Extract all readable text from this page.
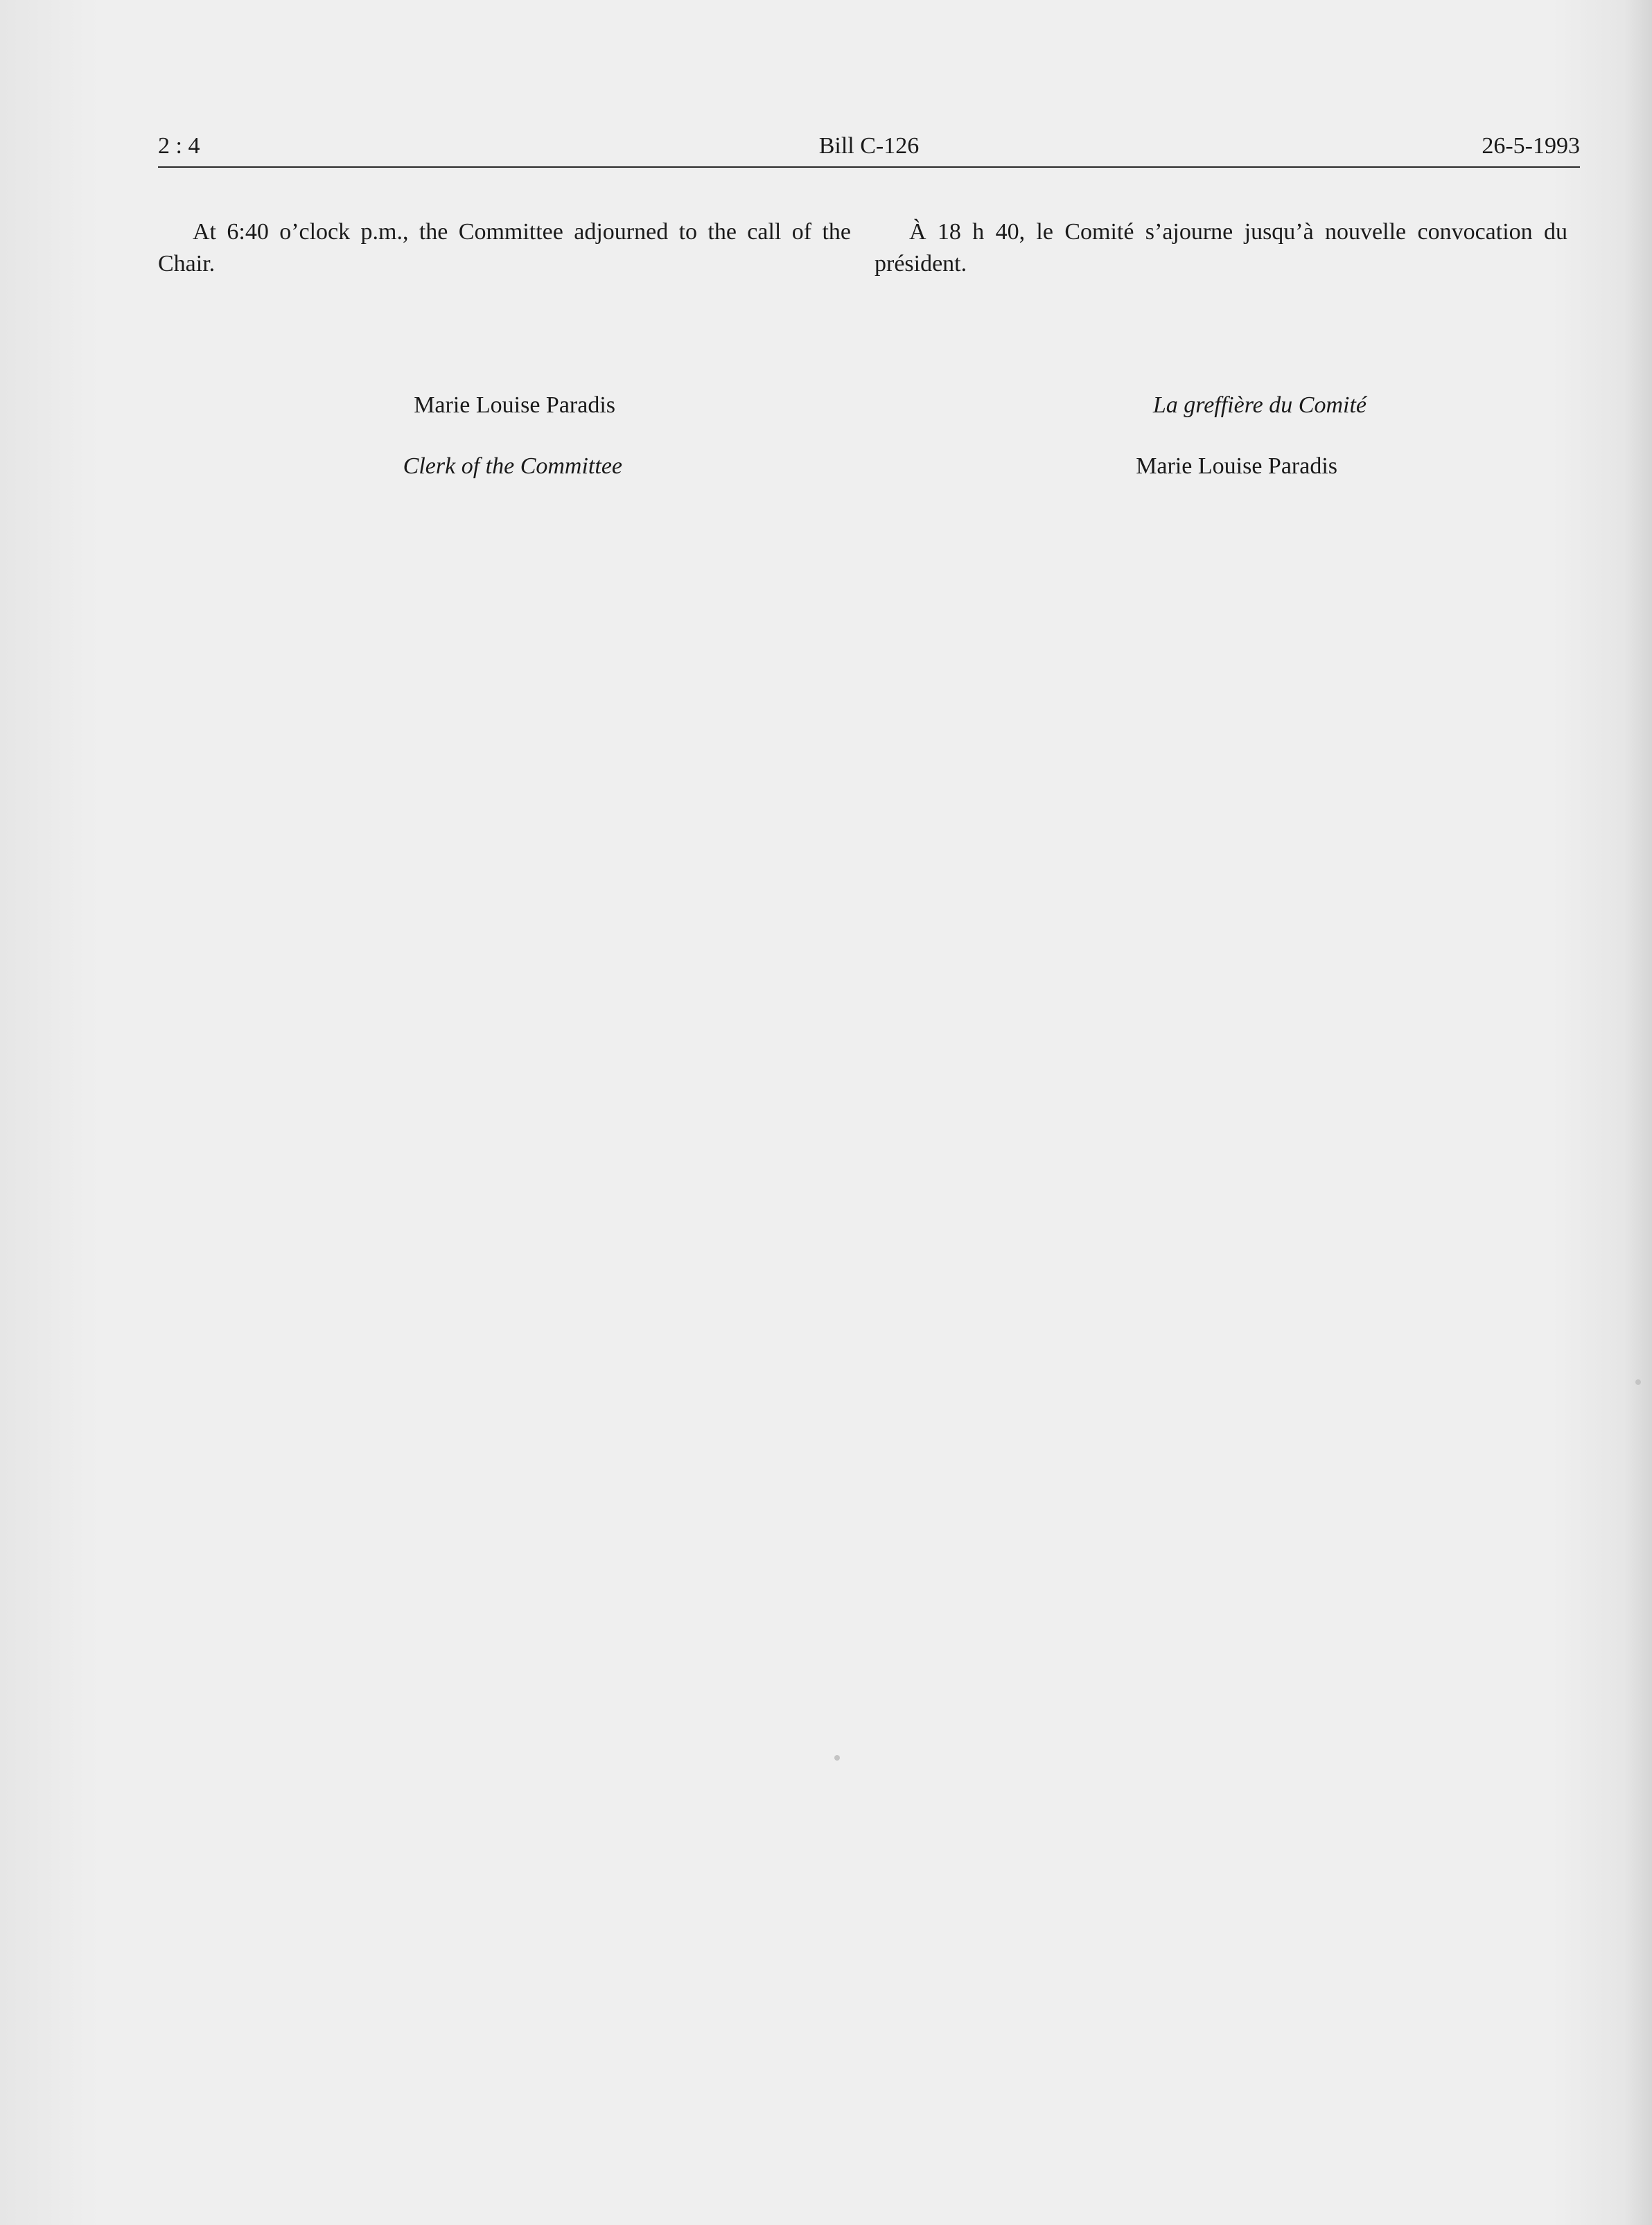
2 : 4	Bill C-126	26-5-1993

At 6:40 o’clock p.m., the Committee adjourned to the call of the Chair.

À 18 h 40, le Comité s’ajourne jusqu’à nouvelle convocation du président.

Marie Louise Paradis
Clerk of the Committee
La greffière du Comité
Marie Louise Paradis
